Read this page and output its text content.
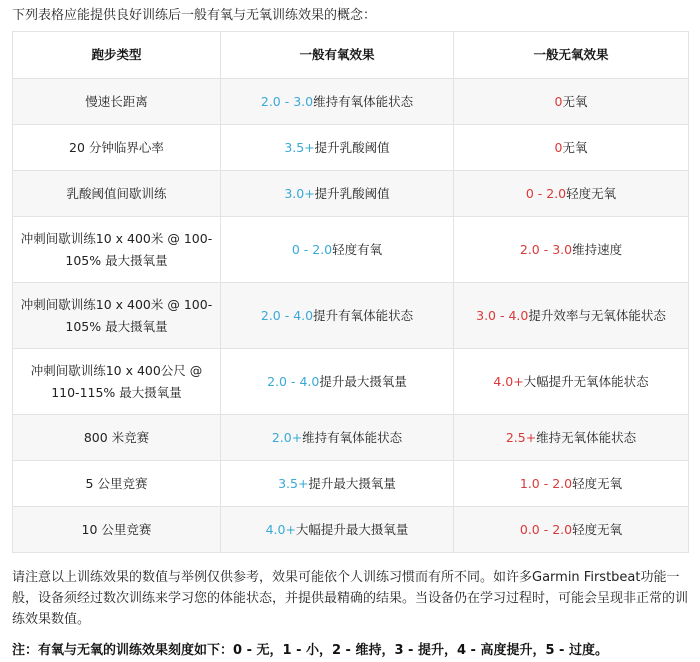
下列表格应能提供良好训练后一般有氧与无氧训练效果的概念：
跑步类型	一般有氧效果	一般无氧效果
慢速长距离	2.0 - 3.0维持有氧体能状态	0无氧
20 分钟临界心率	3.5+提升乳酸阈值	0无氧
乳酸阈值间歇训练	3.0+提升乳酸阈值	0 - 2.0轻度无氧
冲刺间歇训练10 x 400米 @ 100-105% 最大摄氧量	0 - 2.0轻度有氧	2.0 - 3.0维持速度
冲刺间歇训练10 x 400米 @ 100-105% 最大摄氧量	2.0 - 4.0提升有氧体能状态	3.0 - 4.0提升效率与无氧体能状态
冲刺间歇训练10 x 400公尺 @ 110-115% 最大摄氧量	2.0 - 4.0提升最大摄氧量	4.0+大幅提升无氧体能状态
800 米竞赛	2.0+维持有氧体能状态	2.5+维持无氧体能状态
5 公里竞赛	3.5+提升最大摄氧量	1.0 - 2.0轻度无氧
10 公里竞赛	4.0+大幅提升最大摄氧量	0.0 - 2.0轻度无氧
请注意以上训练效果的数值与举例仅供参考，效果可能依个人训练习惯而有所不同。如许多Garmin Firstbeat功能一般，设备须经过数次训练来学习您的体能状态，并提供最精确的结果。当设备仍在学习过程时，可能会呈现非正常的训练效果数值。
注：有氧与无氧的训练效果刻度如下：0 - 无，1 - 小，2 - 维持，3 - 提升，4 - 高度提升，5 - 过度。
